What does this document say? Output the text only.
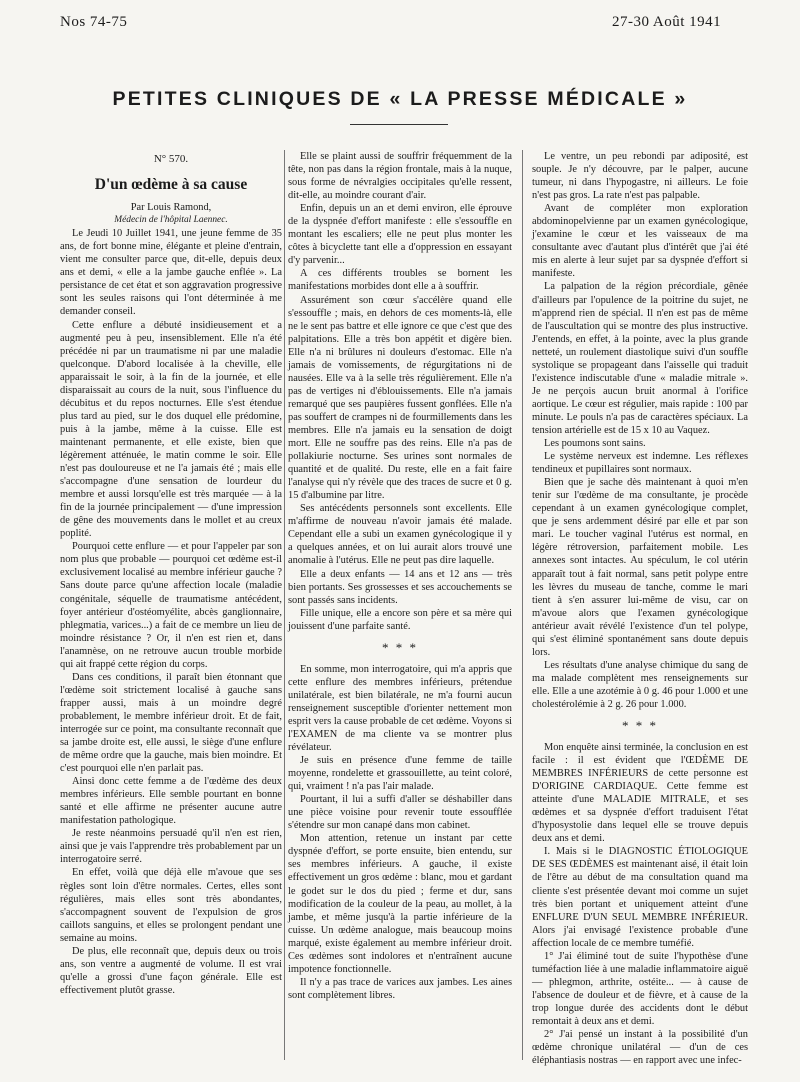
Nos 74-75	27-30 Août 1941
PETITES CLINIQUES DE « LA PRESSE MÉDICALE »
N° 570.
D'un œdème à sa cause

Par Louis Ramond,

Médecin de l'hôpital Laennec.

Le Jeudi 10 Juillet 1941, une jeune femme de 35 ans, de fort bonne mine, élégante et pleine d'entrain, vient me consulter parce que, dit-elle, depuis deux ans et demi, « elle a la jambe gauche enflée ». La persistance de cet état et son aggravation progressive sont les seules raisons qui l'ont déterminée à me demander conseil.

Cette enflure a débuté insidieusement et a augmenté peu à peu, insensiblement. Elle n'a été précédée ni par un traumatisme ni par une maladie quelconque. D'abord localisée à la cheville, elle apparaissait le soir, à la fin de la journée, et elle disparaissait au cours de la nuit, sous l'influence du décubitus et du repos nocturnes. Elle s'est étendue plus tard au pied, sur le dos duquel elle prédomine, puis à la jambe, même à la cuisse. Elle est maintenant permanente, et elle existe, bien que légèrement atténuée, le matin comme le soir. Elle n'est pas douloureuse et ne l'a jamais été ; mais elle s'accompagne d'une sensation de lourdeur du membre et aussi lorsqu'elle est très marquée — à la fin de la journée principalement — d'une impression de gêne des mouvements dans le mollet et au creux poplité.

Pourquoi cette enflure — et pour l'appeler par son nom plus que probable — pourquoi cet œdème est-il exclusivement localisé au membre inférieur gauche ? Sans doute parce qu'une affection locale (maladie congénitale, séquelle de traumatisme antécédent, foyer antérieur d'ostéomyélite, abcès ganglionnaire, phlegmatia, varices...) a fait de ce membre un lieu de moindre résistance ? Or, il n'en est rien et, dans l'anamnèse, on ne retrouve aucun trouble morbide qui ait frappé cette région du corps.

Dans ces conditions, il paraît bien étonnant que l'œdème soit strictement localisé à gauche sans frapper aussi, mais à un moindre degré probablement, le membre inférieur droit. Et de fait, interrogée sur ce point, ma consultante reconnaît que sa jambe droite est, elle aussi, le siège d'une enflure de même ordre que la gauche, mais bien moindre. Et c'est pourquoi elle n'en parlait pas.

Ainsi donc cette femme a de l'œdème des deux membres inférieurs. Elle semble pourtant en bonne santé et elle affirme ne présenter aucune autre manifestation pathologique.

Je reste néanmoins persuadé qu'il n'en est rien, ainsi que je vais l'apprendre très probablement par un interrogatoire serré.

En effet, voilà que déjà elle m'avoue que ses règles sont loin d'être normales. Certes, elles sont régulières, mais elles sont très abondantes, s'accompagnent souvent de l'expulsion de gros caillots sanguins, et elles se prolongent pendant une semaine au moins.

De plus, elle reconnaît que, depuis deux ou trois ans, son ventre a augmenté de volume. Il est vrai qu'elle a grossi d'une façon générale. Elle est effectivement plutôt grasse.

Elle se plaint aussi de souffrir fréquemment de la tête, non pas dans la région frontale, mais à la nuque, sous forme de névralgies occipitales qu'elle ressent, dit-elle, au moindre courant d'air.

Enfin, depuis un an et demi environ, elle éprouve de la dyspnée d'effort manifeste : elle s'essouffle en montant les escaliers; elle ne peut plus monter les côtes à bicyclette tant elle a d'oppression en essayant d'y parvenir...

A ces différents troubles se bornent les manifestations morbides dont elle a à souffrir.

Assurément son cœur s'accélère quand elle s'essouffle ; mais, en dehors de ces moments-là, elle ne le sent pas battre et elle ignore ce que c'est que des palpitations. Elle a très bon appétit et digère bien. Elle n'a ni brûlures ni douleurs d'estomac. Elle n'a jamais de vomissements, de régurgitations ni de nausées. Elle va à la selle très régulièrement. Elle n'a pas de vertiges ni d'éblouissements. Elle n'a jamais remarqué que ses paupières fussent gonflées. Elle n'a pas souffert de crampes ni de fourmillements dans les membres. Elle n'a jamais eu la sensation de doigt mort. Elle ne souffre pas des reins. Elle n'a pas de pollakiurie nocturne. Ses urines sont normales de quantité et de qualité. Du reste, elle en a fait faire l'analyse qui n'y révèle que des traces de sucre et 0 g. 15 d'albumine par litre.

Ses antécédents personnels sont excellents. Elle m'affirme de nouveau n'avoir jamais été malade. Cependant elle a subi un examen gynécologique il y a quelques années, et on lui aurait alors trouvé une anomalie à l'utérus. Elle ne peut pas dire laquelle.

Elle a deux enfants — 14 ans et 12 ans — très bien portants. Ses grossesses et ses accouchements se sont passés sans incidents.

Fille unique, elle a encore son père et sa mère qui jouissent d'une parfaite santé.

* * *

En somme, mon interrogatoire, qui m'a appris que cette enflure des membres inférieurs, prétendue unilatérale, est bien bilatérale, ne m'a fourni aucun renseignement susceptible d'orienter nettement mon esprit vers la cause probable de cet œdème. Voyons si l'EXAMEN de ma cliente va se montrer plus révélateur.

Je suis en présence d'une femme de taille moyenne, rondelette et grassouillette, au teint coloré, qui, vraiment ! n'a pas l'air malade.

Pourtant, il lui a suffi d'aller se déshabiller dans une pièce voisine pour revenir toute essoufflée s'étendre sur mon canapé dans mon cabinet.

Mon attention, retenue un instant par cette dyspnée d'effort, se porte ensuite, bien entendu, sur ses membres inférieurs. A gauche, il existe effectivement un gros œdème : blanc, mou et gardant le godet sur le dos du pied ; ferme et dur, sans modification de la couleur de la peau, au mollet, à la jambe, et même jusqu'à la partie inférieure de la cuisse. Un œdème analogue, mais beaucoup moins marqué, existe également au membre inférieur droit. Ces œdèmes sont indolores et n'entraînent aucune impotence fonctionnelle.

Il n'y a pas trace de varices aux jambes. Les aines sont complètement libres.

Le ventre, un peu rebondi par adiposité, est souple. Je n'y découvre, par le palper, aucune tumeur, ni dans l'hypogastre, ni ailleurs. Le foie n'est pas gros. La rate n'est pas palpable.

Avant de compléter mon exploration abdominopelvienne par un examen gynécologique, j'examine le cœur et les vaisseaux de ma consultante avec d'autant plus d'intérêt que j'ai été mis en alerte à leur sujet par sa dyspnée d'effort si manifeste.

La palpation de la région précordiale, gênée d'ailleurs par l'opulence de la poitrine du sujet, ne m'apprend rien de spécial. Il n'en est pas de même de l'auscultation qui se montre des plus instructive. J'entends, en effet, à la pointe, avec la plus grande netteté, un roulement diastolique suivi d'un souffle systolique se propageant dans l'aisselle qui traduit l'existence indiscutable d'une « maladie mitrale ». Je ne perçois aucun bruit anormal à l'orifice aortique. Le cœur est régulier, mais rapide : 100 par minute. Le pouls n'a pas de caractères spéciaux. La tension artérielle est de 15 x 10 au Vaquez.

Les poumons sont sains.

Le système nerveux est indemne. Les réflexes tendineux et pupillaires sont normaux.

Bien que je sache dès maintenant à quoi m'en tenir sur l'œdème de ma consultante, je procède cependant à un examen gynécologique complet, que je sens ardemment désiré par elle et par son mari. Le toucher vaginal l'utérus est normal, en légère rétroversion, parfaitement mobile. Les annexes sont intactes. Au spéculum, le col utérin apparaît tout à fait normal, sans petit polype entre les lèvres du museau de tanche, comme le mari tient à s'en assurer lui-même de visu, car on m'avoue alors que l'examen gynécologique antérieur avait révélé l'existence d'un tel polype, qui s'est éliminé spontanément sans doute depuis lors.

Les résultats d'une analyse chimique du sang de ma malade complètent mes renseignements sur elle. Elle a une azotémie à 0 g. 46 pour 1.000 et une cholestérolémie à 2 g. 26 pour 1.000.

* * *

Mon enquête ainsi terminée, la conclusion en est facile : il est évident que l'ŒDÈME DE MEMBRES INFÉRIEURS de cette personne est D'ORIGINE CARDIAQUE. Cette femme est atteinte d'une MALADIE MITRALE, et ses œdèmes et sa dyspnée d'effort traduisent l'état d'hyposystolie dans lequel elle se trouve depuis deux ans et demi.

I. Mais si le DIAGNOSTIC ÉTIOLOGIQUE DE SES ŒDÈMES est maintenant aisé, il était loin de l'être au début de ma consultation quand ma cliente s'est présentée devant moi comme un sujet très bien portant et uniquement atteint d'une ENFLURE D'UN SEUL MEMBRE INFÉRIEUR. Alors j'ai envisagé l'existence probable d'une affection locale de ce membre tuméfié.

1° J'ai éliminé tout de suite l'hypothèse d'une tuméfaction liée à une maladie inflammatoire aiguë — phlegmon, arthrite, ostéite... — à cause de l'absence de douleur et de fièvre, et à cause de la trop longue durée des accidents dont le début remontait à deux ans et demi.

2° J'ai pensé un instant à la possibilité d'un œdème chronique unilatéral — d'un de ces éléphantiasis nostras — en rapport avec une infec-
